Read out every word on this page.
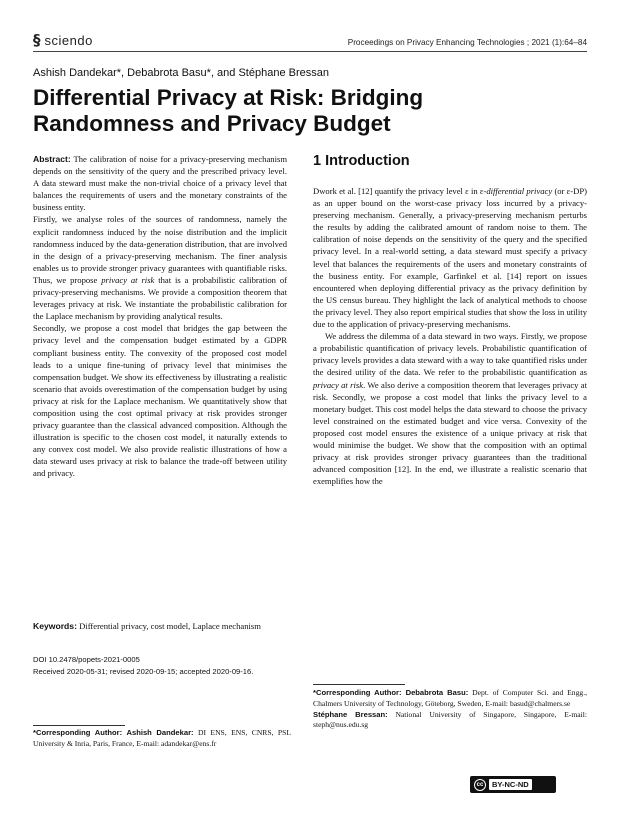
§ sciendo	Proceedings on Privacy Enhancing Technologies ; 2021 (1):64–84
Ashish Dandekar*, Debabrota Basu*, and Stéphane Bressan
Differential Privacy at Risk: Bridging
Randomness and Privacy Budget

Abstract: The calibration of noise for a privacy-preserving mechanism depends on the sensitivity of the query and the prescribed privacy level. A data steward must make the non-trivial choice of a privacy level that balances the requirements of users and the monetary constraints of the business entity.

Firstly, we analyse roles of the sources of randomness, namely the explicit randomness induced by the noise distribution and the implicit randomness induced by the data-generation distribution, that are involved in the design of a privacy-preserving mechanism. The finer analysis enables us to provide stronger privacy guarantees with quantifiable risks. Thus, we propose privacy at risk that is a probabilistic calibration of privacy-preserving mechanisms. We provide a composition theorem that leverages privacy at risk. We instantiate the probabilistic calibration for the Laplace mechanism by providing analytical results.

Secondly, we propose a cost model that bridges the gap between the privacy level and the compensation budget estimated by a GDPR compliant business entity. The convexity of the proposed cost model leads to a unique fine-tuning of privacy level that minimises the compensation budget. We show its effectiveness by illustrating a realistic scenario that avoids overestimation of the compensation budget by using privacy at risk for the Laplace mechanism. We quantitatively show that composition using the cost optimal privacy at risk provides stronger privacy guarantee than the classical advanced composition. Although the illustration is specific to the chosen cost model, it naturally extends to any convex cost model. We also provide realistic illustrations of how a data steward uses privacy at risk to balance the trade-off between utility and privacy.

Keywords: Differential privacy, cost model, Laplace mechanism

DOI 10.2478/popets-2021-0005
Received 2020-05-31; revised 2020-09-15; accepted 2020-09-16.
1 Introduction

Dwork et al. [12] quantify the privacy level ε in ε-differential privacy (or ε-DP) as an upper bound on the worst-case privacy loss incurred by a privacy-preserving mechanism. Generally, a privacy-preserving mechanism perturbs the results by adding the calibrated amount of random noise to them. The calibration of noise depends on the sensitivity of the query and the specified privacy level. In a real-world setting, a data steward must specify a privacy level that balances the requirements of the users and monetary constraints of the business entity. For example, Garfinkel et al. [14] report on issues encountered when deploying differential privacy as the privacy definition by the US census bureau. They highlight the lack of analytical methods to choose the privacy level. They also report empirical studies that show the loss in utility due to the application of privacy-preserving mechanisms.

We address the dilemma of a data steward in two ways. Firstly, we propose a probabilistic quantification of privacy levels. Probabilistic quantification of privacy levels provides a data steward with a way to take quantified risks under the desired utility of the data. We refer to the probabilistic quantification as privacy at risk. We also derive a composition theorem that leverages privacy at risk. Secondly, we propose a cost model that links the privacy level to a monetary budget. This cost model helps the data steward to choose the privacy level constrained on the estimated budget and vice versa. Convexity of the proposed cost model ensures the existence of a unique privacy at risk that would minimise the budget. We show that the composition with an optimal privacy at risk provides stronger privacy guarantees than the traditional advanced composition [12]. In the end, we illustrate a realistic scenario that exemplifies how the

*Corresponding Author: Debabrota Basu: Dept. of Computer Sci. and Engg., Chalmers University of Technology, Göteborg, Sweden, E-mail: basud@chalmers.se

Stéphane Bressan: National University of Singapore, Singapore, E-mail: steph@nus.edu.sg

*Corresponding Author: Ashish Dandekar: DI ENS, ENS, CNRS, PSL University & Inria, Paris, France, E-mail: adandekar@ens.fr

cc	BY-NC-ND
